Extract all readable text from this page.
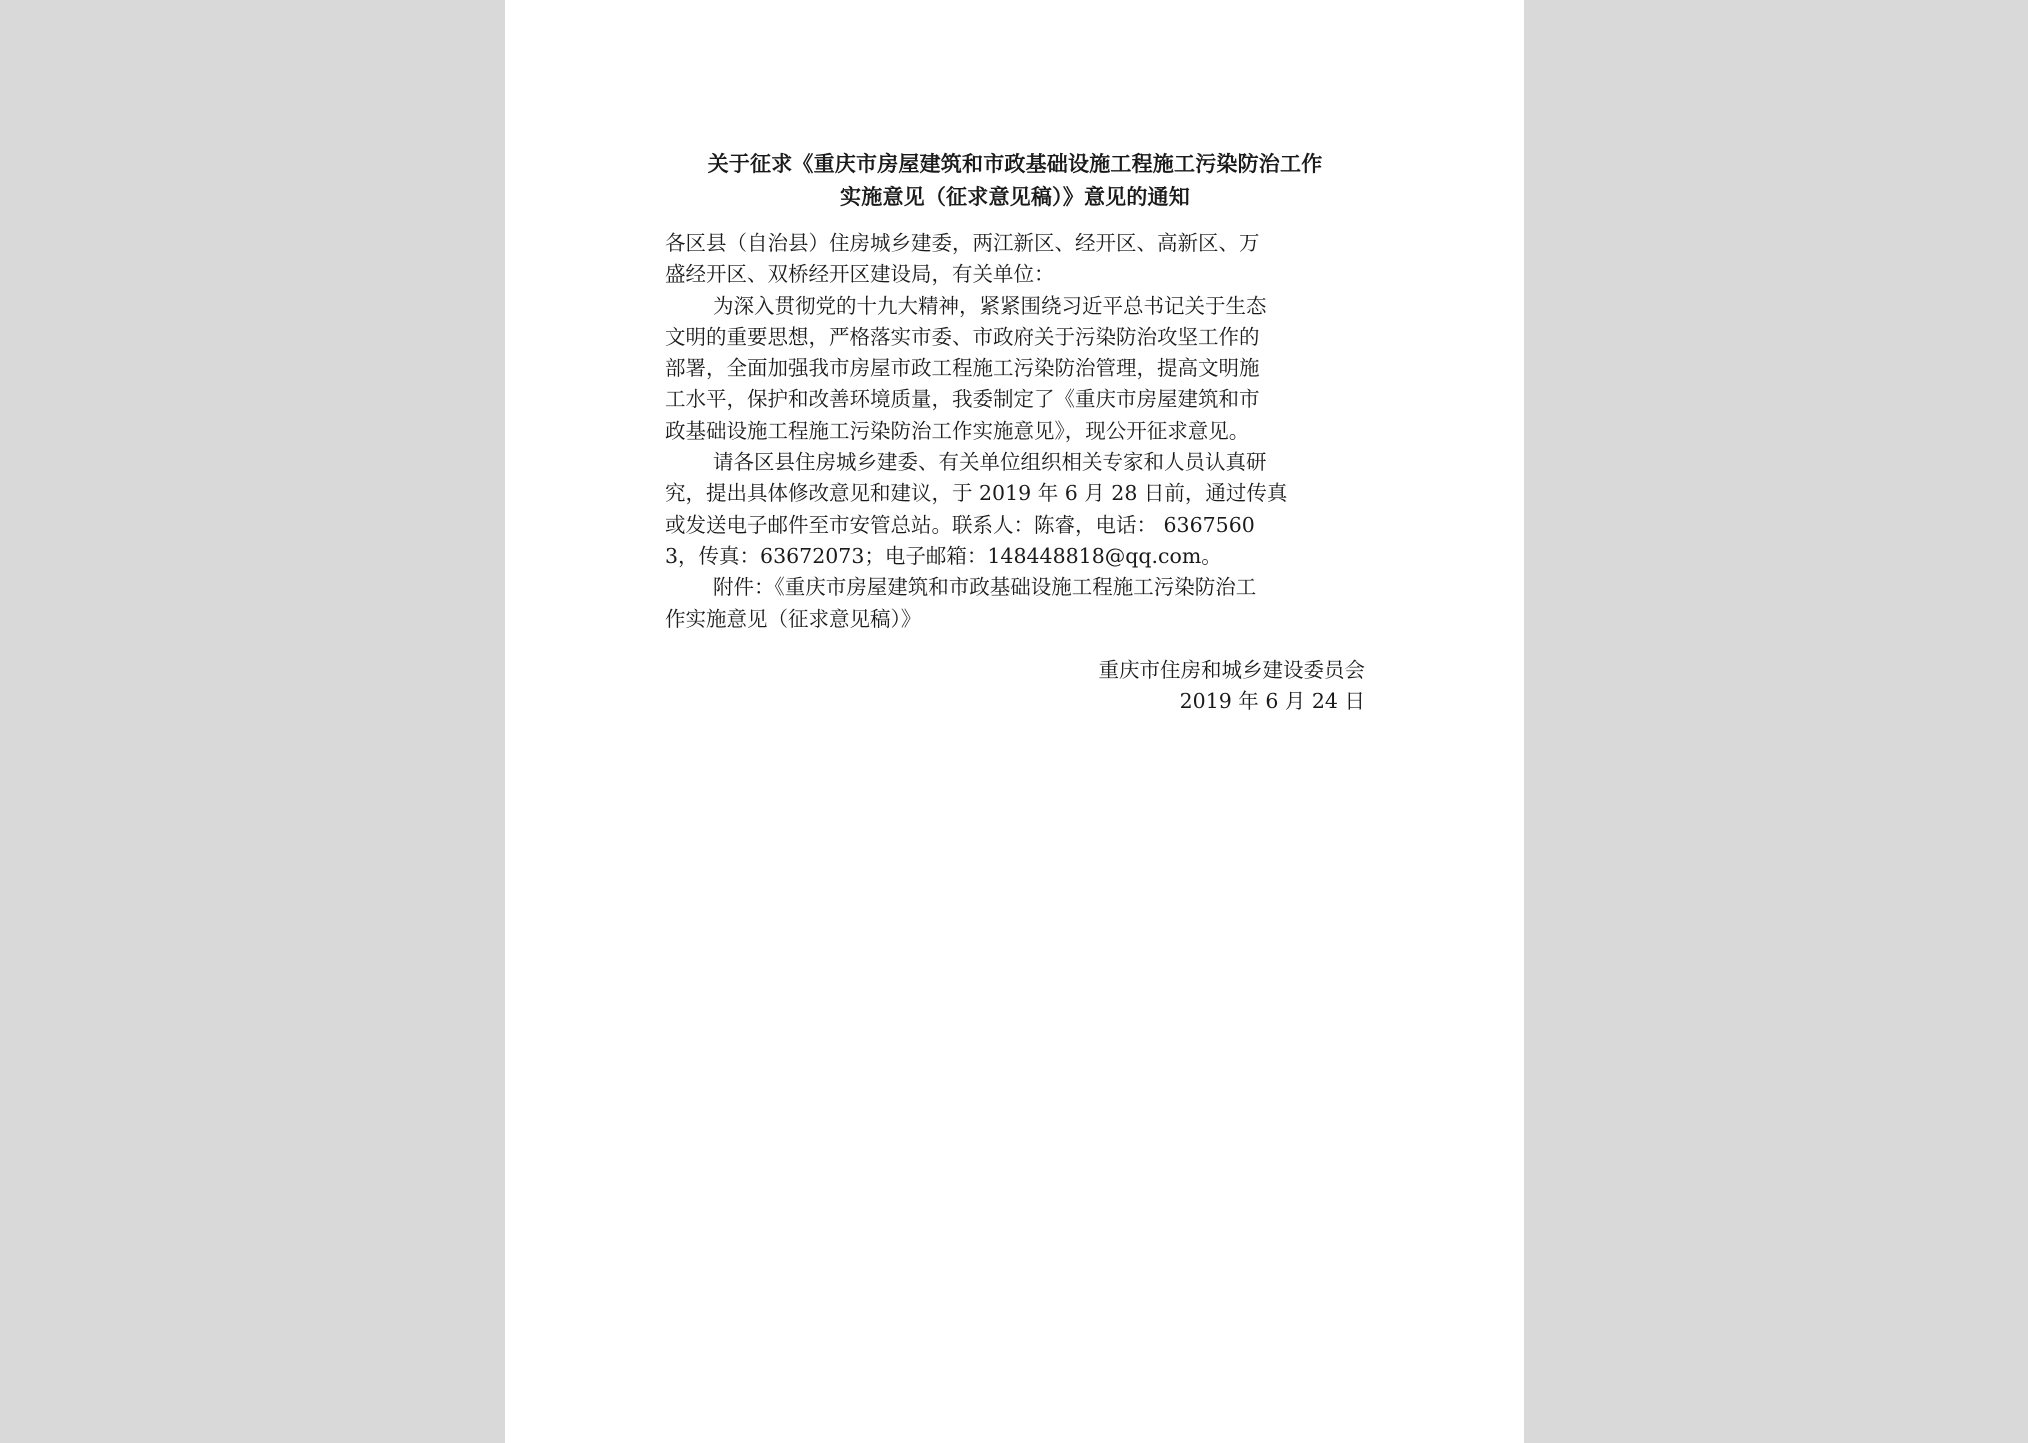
关于征求《重庆市房屋建筑和市政基础设施工程施工污染防治工作
实施意见（征求意见稿）》意见的通知

各区县（自治县）住房城乡建委，两江新区、经开区、高新区、万
盛经开区、双桥经开区建设局，有关单位：

为深入贯彻党的十九大精神，紧紧围绕习近平总书记关于生态
文明的重要思想，严格落实市委、市政府关于污染防治攻坚工作的
部署，全面加强我市房屋市政工程施工污染防治管理，提高文明施
工水平，保护和改善环境质量，我委制定了《重庆市房屋建筑和市
政基础设施工程施工污染防治工作实施意见》，现公开征求意见。

请各区县住房城乡建委、有关单位组织相关专家和人员认真研
究，提出具体修改意见和建议，于 2019 年 6 月 28 日前，通过传真
或发送电子邮件至市安管总站。联系人：陈睿，电话： 6367560
3，传真：63672073；电子邮箱：148448818@qq.com。

附件：《重庆市房屋建筑和市政基础设施工程施工污染防治工
作实施意见（征求意见稿）》

重庆市住房和城乡建设委员会
2019 年 6 月 24 日
